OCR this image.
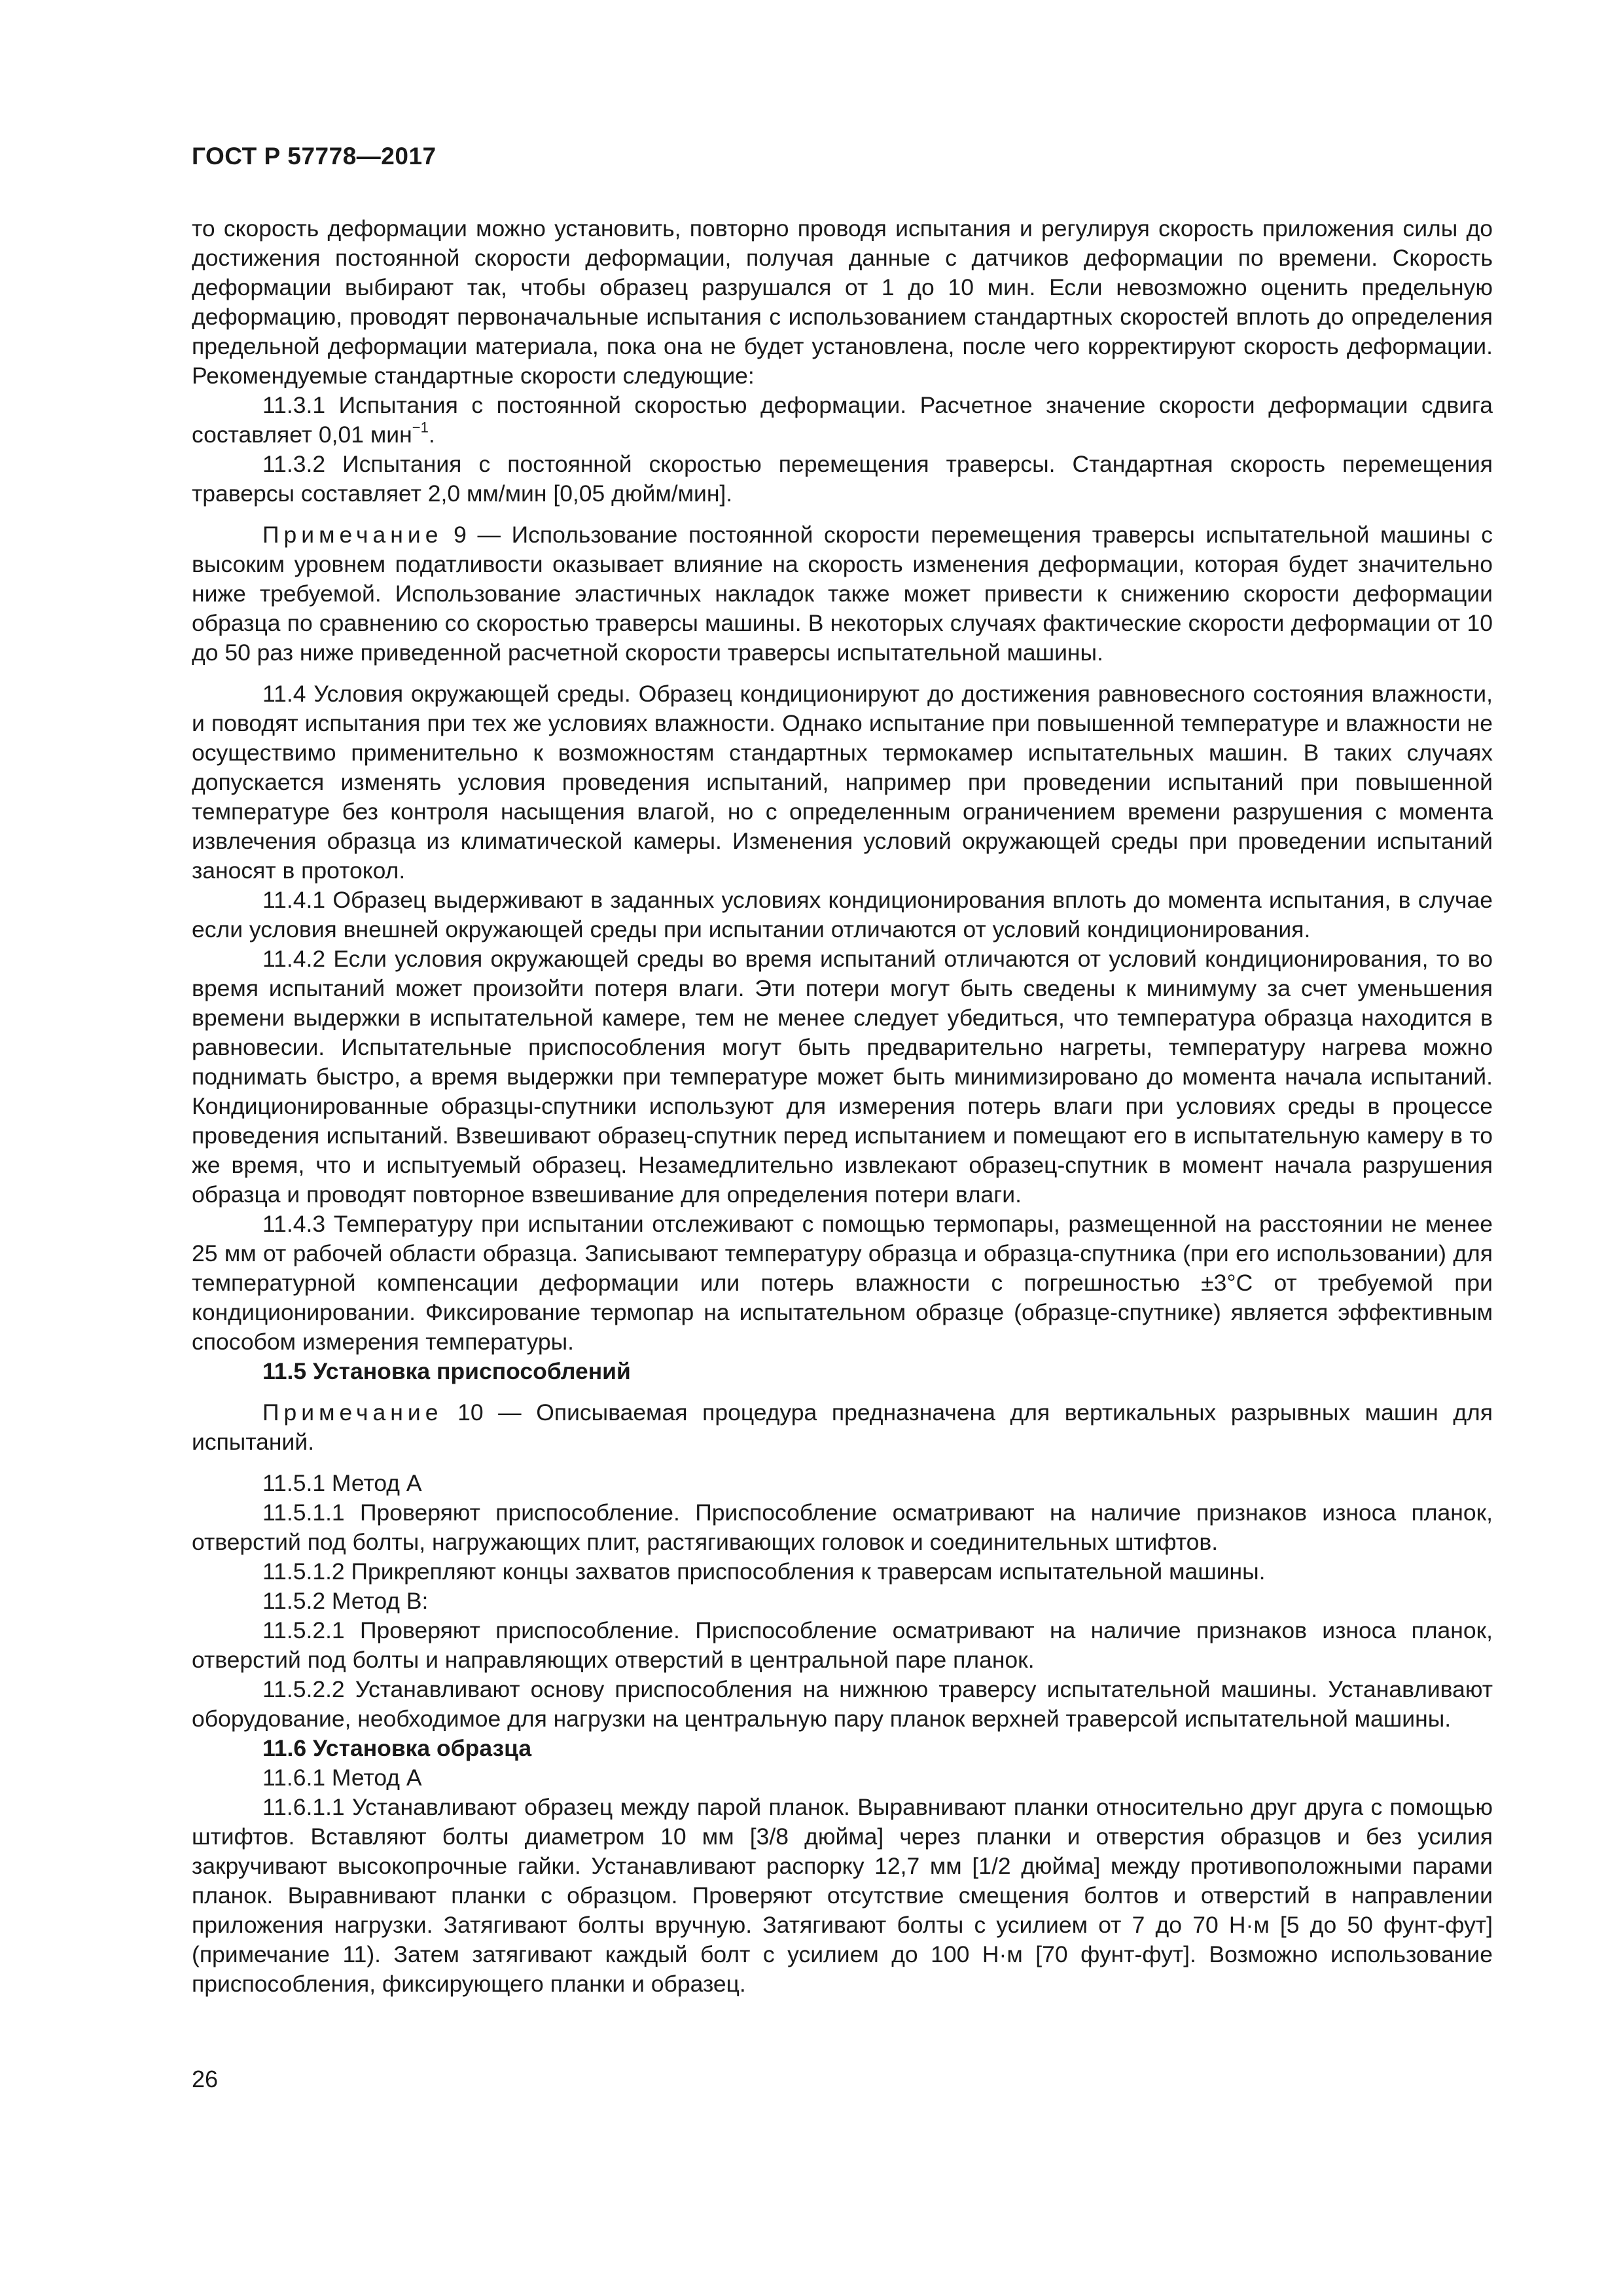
ГОСТ Р 57778—2017

то скорость деформации можно установить, повторно проводя испытания и регулируя скорость приложения силы до достижения постоянной скорости деформации, получая данные с датчиков деформации по времени. Скорость деформации выбирают так, чтобы образец разрушался от 1 до 10 мин. Если невозможно оценить предельную деформацию, проводят первоначальные испытания с использованием стандартных скоростей вплоть до определения предельной деформации материала, пока она не будет установлена, после чего корректируют скорость деформации. Рекомендуемые стандартные скорости следующие:

11.3.1 Испытания с постоянной скоростью деформации. Расчетное значение скорости деформации сдвига составляет 0,01 мин$^{-1}$.

11.3.2 Испытания с постоянной скоростью перемещения траверсы. Стандартная скорость перемещения траверсы составляет 2,0 мм/мин [0,05 дюйм/мин].

Примечание 9 — Использование постоянной скорости перемещения траверсы испытательной машины с высоким уровнем податливости оказывает влияние на скорость изменения деформации, которая будет значительно ниже требуемой. Использование эластичных накладок также может привести к снижению скорости деформации образца по сравнению со скоростью траверсы машины. В некоторых случаях фактические скорости деформации от 10 до 50 раз ниже приведенной расчетной скорости траверсы испытательной машины.

11.4 Условия окружающей среды. Образец кондиционируют до достижения равновесного состояния влажности, и поводят испытания при тех же условиях влажности. Однако испытание при повышенной температуре и влажности не осуществимо применительно к возможностям стандартных термокамер испытательных машин. В таких случаях допускается изменять условия проведения испытаний, например при проведении испытаний при повышенной температуре без контроля насыщения влагой, но с определенным ограничением времени разрушения с момента извлечения образца из климатической камеры. Изменения условий окружающей среды при проведении испытаний заносят в протокол.

11.4.1 Образец выдерживают в заданных условиях кондиционирования вплоть до момента испытания, в случае если условия внешней окружающей среды при испытании отличаются от условий кондиционирования.

11.4.2 Если условия окружающей среды во время испытаний отличаются от условий кондиционирования, то во время испытаний может произойти потеря влаги. Эти потери могут быть сведены к минимуму за счет уменьшения времени выдержки в испытательной камере, тем не менее следует убедиться, что температура образца находится в равновесии. Испытательные приспособления могут быть предварительно нагреты, температуру нагрева можно поднимать быстро, а время выдержки при температуре может быть минимизировано до момента начала испытаний. Кондиционированные образцы-спутники используют для измерения потерь влаги при условиях среды в процессе проведения испытаний. Взвешивают образец-спутник перед испытанием и помещают его в испытательную камеру в то же время, что и испытуемый образец. Незамедлительно извлекают образец-спутник в момент начала разрушения образца и проводят повторное взвешивание для определения потери влаги.

11.4.3 Температуру при испытании отслеживают с помощью термопары, размещенной на расстоянии не менее 25 мм от рабочей области образца. Записывают температуру образца и образца-спутника (при его использовании) для температурной компенсации деформации или потерь влажности с погрешностью ±3°С от требуемой при кондиционировании. Фиксирование термопар на испытательном образце (образце-спутнике) является эффективным способом измерения температуры.

11.5 Установка приспособлений

Примечание 10 — Описываемая процедура предназначена для вертикальных разрывных машин для испытаний.

11.5.1 Метод А

11.5.1.1 Проверяют приспособление. Приспособление осматривают на наличие признаков износа планок, отверстий под болты, нагружающих плит, растягивающих головок и соединительных штифтов.

11.5.1.2 Прикрепляют концы захватов приспособления к траверсам испытательной машины.

11.5.2 Метод В:

11.5.2.1 Проверяют приспособление. Приспособление осматривают на наличие признаков износа планок, отверстий под болты и направляющих отверстий в центральной паре планок.

11.5.2.2 Устанавливают основу приспособления на нижнюю траверсу испытательной машины. Устанавливают оборудование, необходимое для нагрузки на центральную пару планок верхней траверсой испытательной машины.

11.6 Установка образца

11.6.1 Метод А

11.6.1.1 Устанавливают образец между парой планок. Выравнивают планки относительно друг друга с помощью штифтов. Вставляют болты диаметром 10 мм [3/8 дюйма] через планки и отверстия образцов и без усилия закручивают высокопрочные гайки. Устанавливают распорку 12,7 мм [1/2 дюйма] между противоположными парами планок. Выравнивают планки с образцом. Проверяют отсутствие смещения болтов и отверстий в направлении приложения нагрузки. Затягивают болты вручную. Затягивают болты с усилием от 7 до 70 Н·м [5 до 50 фунт-фут] (примечание 11). Затем затягивают каждый болт с усилием до 100 Н·м [70 фунт-фут]. Возможно использование приспособления, фиксирующего планки и образец.

26
